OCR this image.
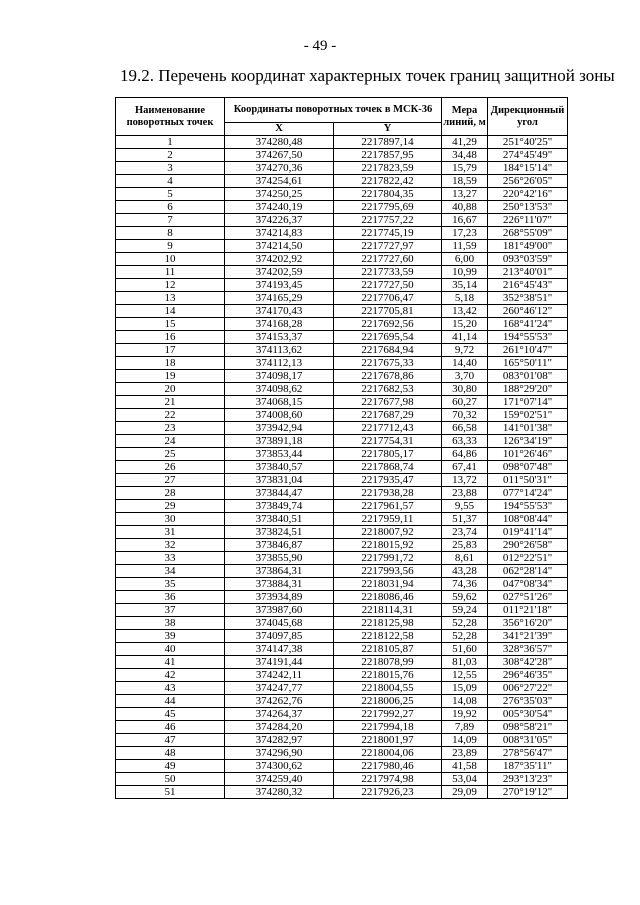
- 49 -
19.2. Перечень координат характерных точек границ защитной зоны
Наименование поворотных точек	Координаты поворотных точек в МСК-36		Мера линий, м	Дирекционный угол
	X	Y		
1	374280,48	2217897,14	41,29	251°40'25"
2	374267,50	2217857,95	34,48	274°45'49"
3	374270,36	2217823,59	15,79	184°15'14"
4	374254,61	2217822,42	18,59	256°26'05"
5	374250,25	2217804,35	13,27	220°42'16"
6	374240,19	2217795,69	40,88	250°13'53"
7	374226,37	2217757,22	16,67	226°11'07"
8	374214,83	2217745,19	17,23	268°55'09"
9	374214,50	2217727,97	11,59	181°49'00"
10	374202,92	2217727,60	6,00	093°03'59"
11	374202,59	2217733,59	10,99	213°40'01"
12	374193,45	2217727,50	35,14	216°45'43"
13	374165,29	2217706,47	5,18	352°38'51"
14	374170,43	2217705,81	13,42	260°46'12"
15	374168,28	2217692,56	15,20	168°41'24"
16	374153,37	2217695,54	41,14	194°55'53"
17	374113,62	2217684,94	9,72	261°10'47"
18	374112,13	2217675,33	14,40	165°50'11"
19	374098,17	2217678,86	3,70	083°01'08"
20	374098,62	2217682,53	30,80	188°29'20"
21	374068,15	2217677,98	60,27	171°07'14"
22	374008,60	2217687,29	70,32	159°02'51"
23	373942,94	2217712,43	66,58	141°01'38"
24	373891,18	2217754,31	63,33	126°34'19"
25	373853,44	2217805,17	64,86	101°26'46"
26	373840,57	2217868,74	67,41	098°07'48"
27	373831,04	2217935,47	13,72	011°50'31"
28	373844,47	2217938,28	23,88	077°14'24"
29	373849,74	2217961,57	9,55	194°55'53"
30	373840,51	2217959,11	51,37	108°08'44"
31	373824,51	2218007,92	23,74	019°41'14"
32	373846,87	2218015,92	25,83	290°26'58"
33	373855,90	2217991,72	8,61	012°22'51"
34	373864,31	2217993,56	43,28	062°28'14"
35	373884,31	2218031,94	74,36	047°08'34"
36	373934,89	2218086,46	59,62	027°51'26"
37	373987,60	2218114,31	59,24	011°21'18"
38	374045,68	2218125,98	52,28	356°16'20"
39	374097,85	2218122,58	52,28	341°21'39"
40	374147,38	2218105,87	51,60	328°36'57"
41	374191,44	2218078,99	81,03	308°42'28"
42	374242,11	2218015,76	12,55	296°46'35"
43	374247,77	2218004,55	15,09	006°27'22"
44	374262,76	2218006,25	14,08	276°35'03"
45	374264,37	2217992,27	19,92	005°30'54"
46	374284,20	2217994,18	7,89	098°58'21"
47	374282,97	2218001,97	14,09	008°31'05"
48	374296,90	2218004,06	23,89	278°56'47"
49	374300,62	2217980,46	41,58	187°35'11"
50	374259,40	2217974,98	53,04	293°13'23"
51	374280,32	2217926,23	29,09	270°19'12"
